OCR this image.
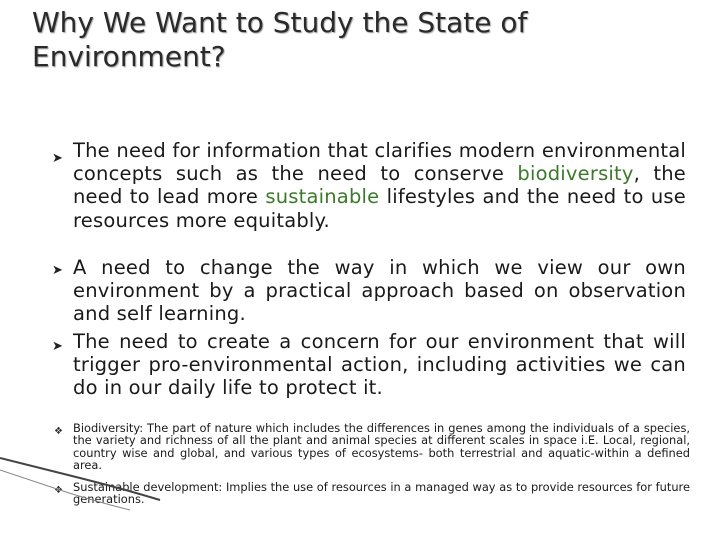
Why We Want to Study the State of Environment?
➤ The need for information that clarifies modern environmental concepts such as the need to conserve biodiversity, the need to lead more sustainable lifestyles and the need to use resources more equitably.
➤ A need to change the way in which we view our own environment by a practical approach based on observation and self learning.
➤ The need to create a concern for our environment that will trigger pro-environmental action, including activities we can do in our daily life to protect it.
❖ Biodiversity: The part of nature which includes the differences in genes among the individuals of a species, the variety and richness of all the plant and animal species at different scales in space i.E. Local, regional, country wise and global, and various types of ecosystems- both terrestrial and aquatic-within a defined area.
❖ Sustainable development: Implies the use of resources in a managed way as to provide resources for future generations.
